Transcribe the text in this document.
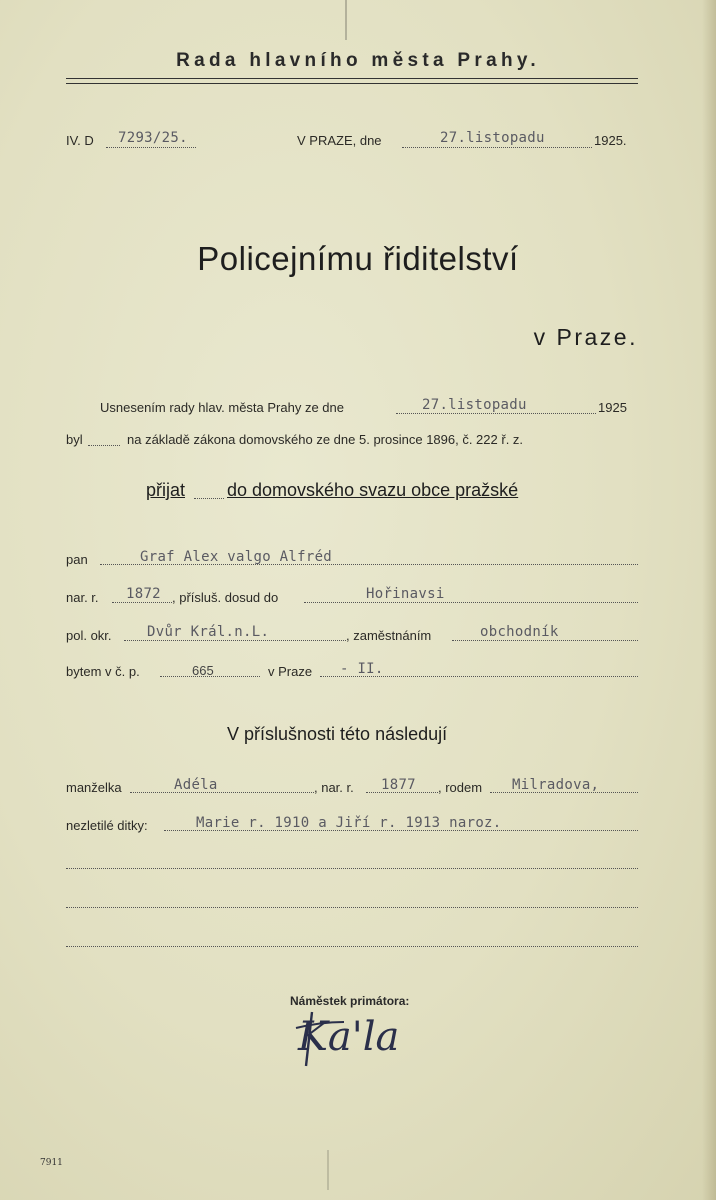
Rada hlavního města Prahy.
IV. D 7293/25.	V PRAZE, dne	27.listopadu	1925.
Policejnímu řiditelství
v Praze.
Usnesením rady hlav. města Prahy ze dne	27.listopadu	1925
byl	na základě zákona domovského ze dne 5. prosince 1896, č. 222 ř. z.
přijat do domovského svazu obce pražské
pan	Graf Alex valgo Alfréd
nar. r. 1872 , přísluš. dosud do	Hořinavsi
pol. okr.	Dvůr Král.n.L.	, zaměstnáním	obchodník
bytem v č. p.	665	v Praze - II.
V příslušnosti této následují
manželka	Adéla	, nar. r. 1877 , rodem Milradova,
nezletilé ditky:	Marie r. 1910 a Jiří r. 1913 naroz.
Náměstek primátora:
Ka'la
7911
